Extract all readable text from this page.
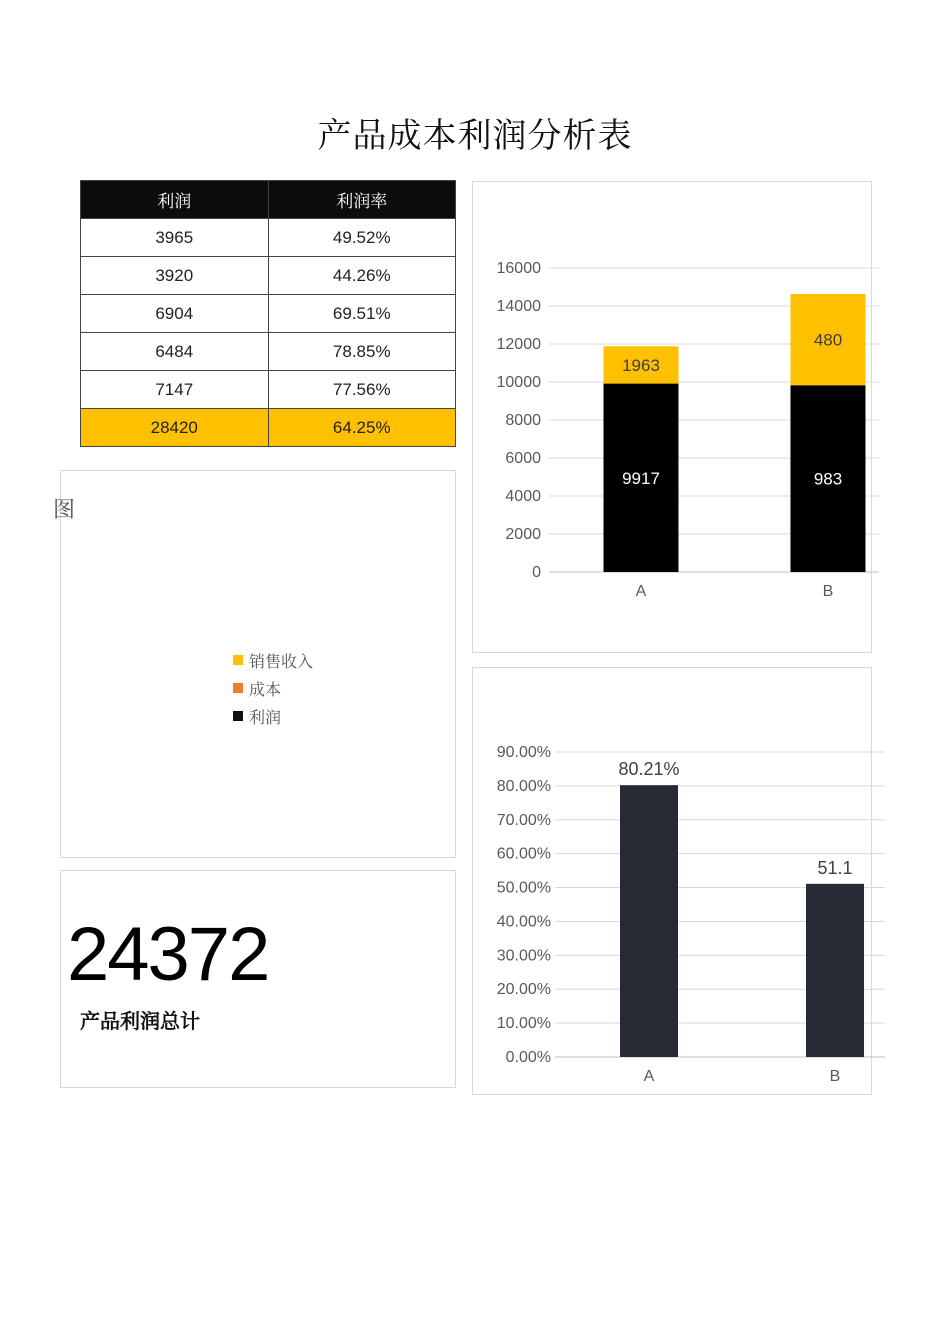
产品成本利润分析表
利润	利润率
3965	49.52%
3920	44.26%
6904	69.51%
6484	78.85%
7147	77.56%
28420	64.25%
图
销售收入
成本
利润
24372
产品利润总计
0
2000
4000
6000
8000
10000
12000
14000
16000
9917
1963
A
983
480
B
0.00%
10.00%
20.00%
30.00%
40.00%
50.00%
60.00%
70.00%
80.00%
90.00%
80.21%
A
51.1
B
